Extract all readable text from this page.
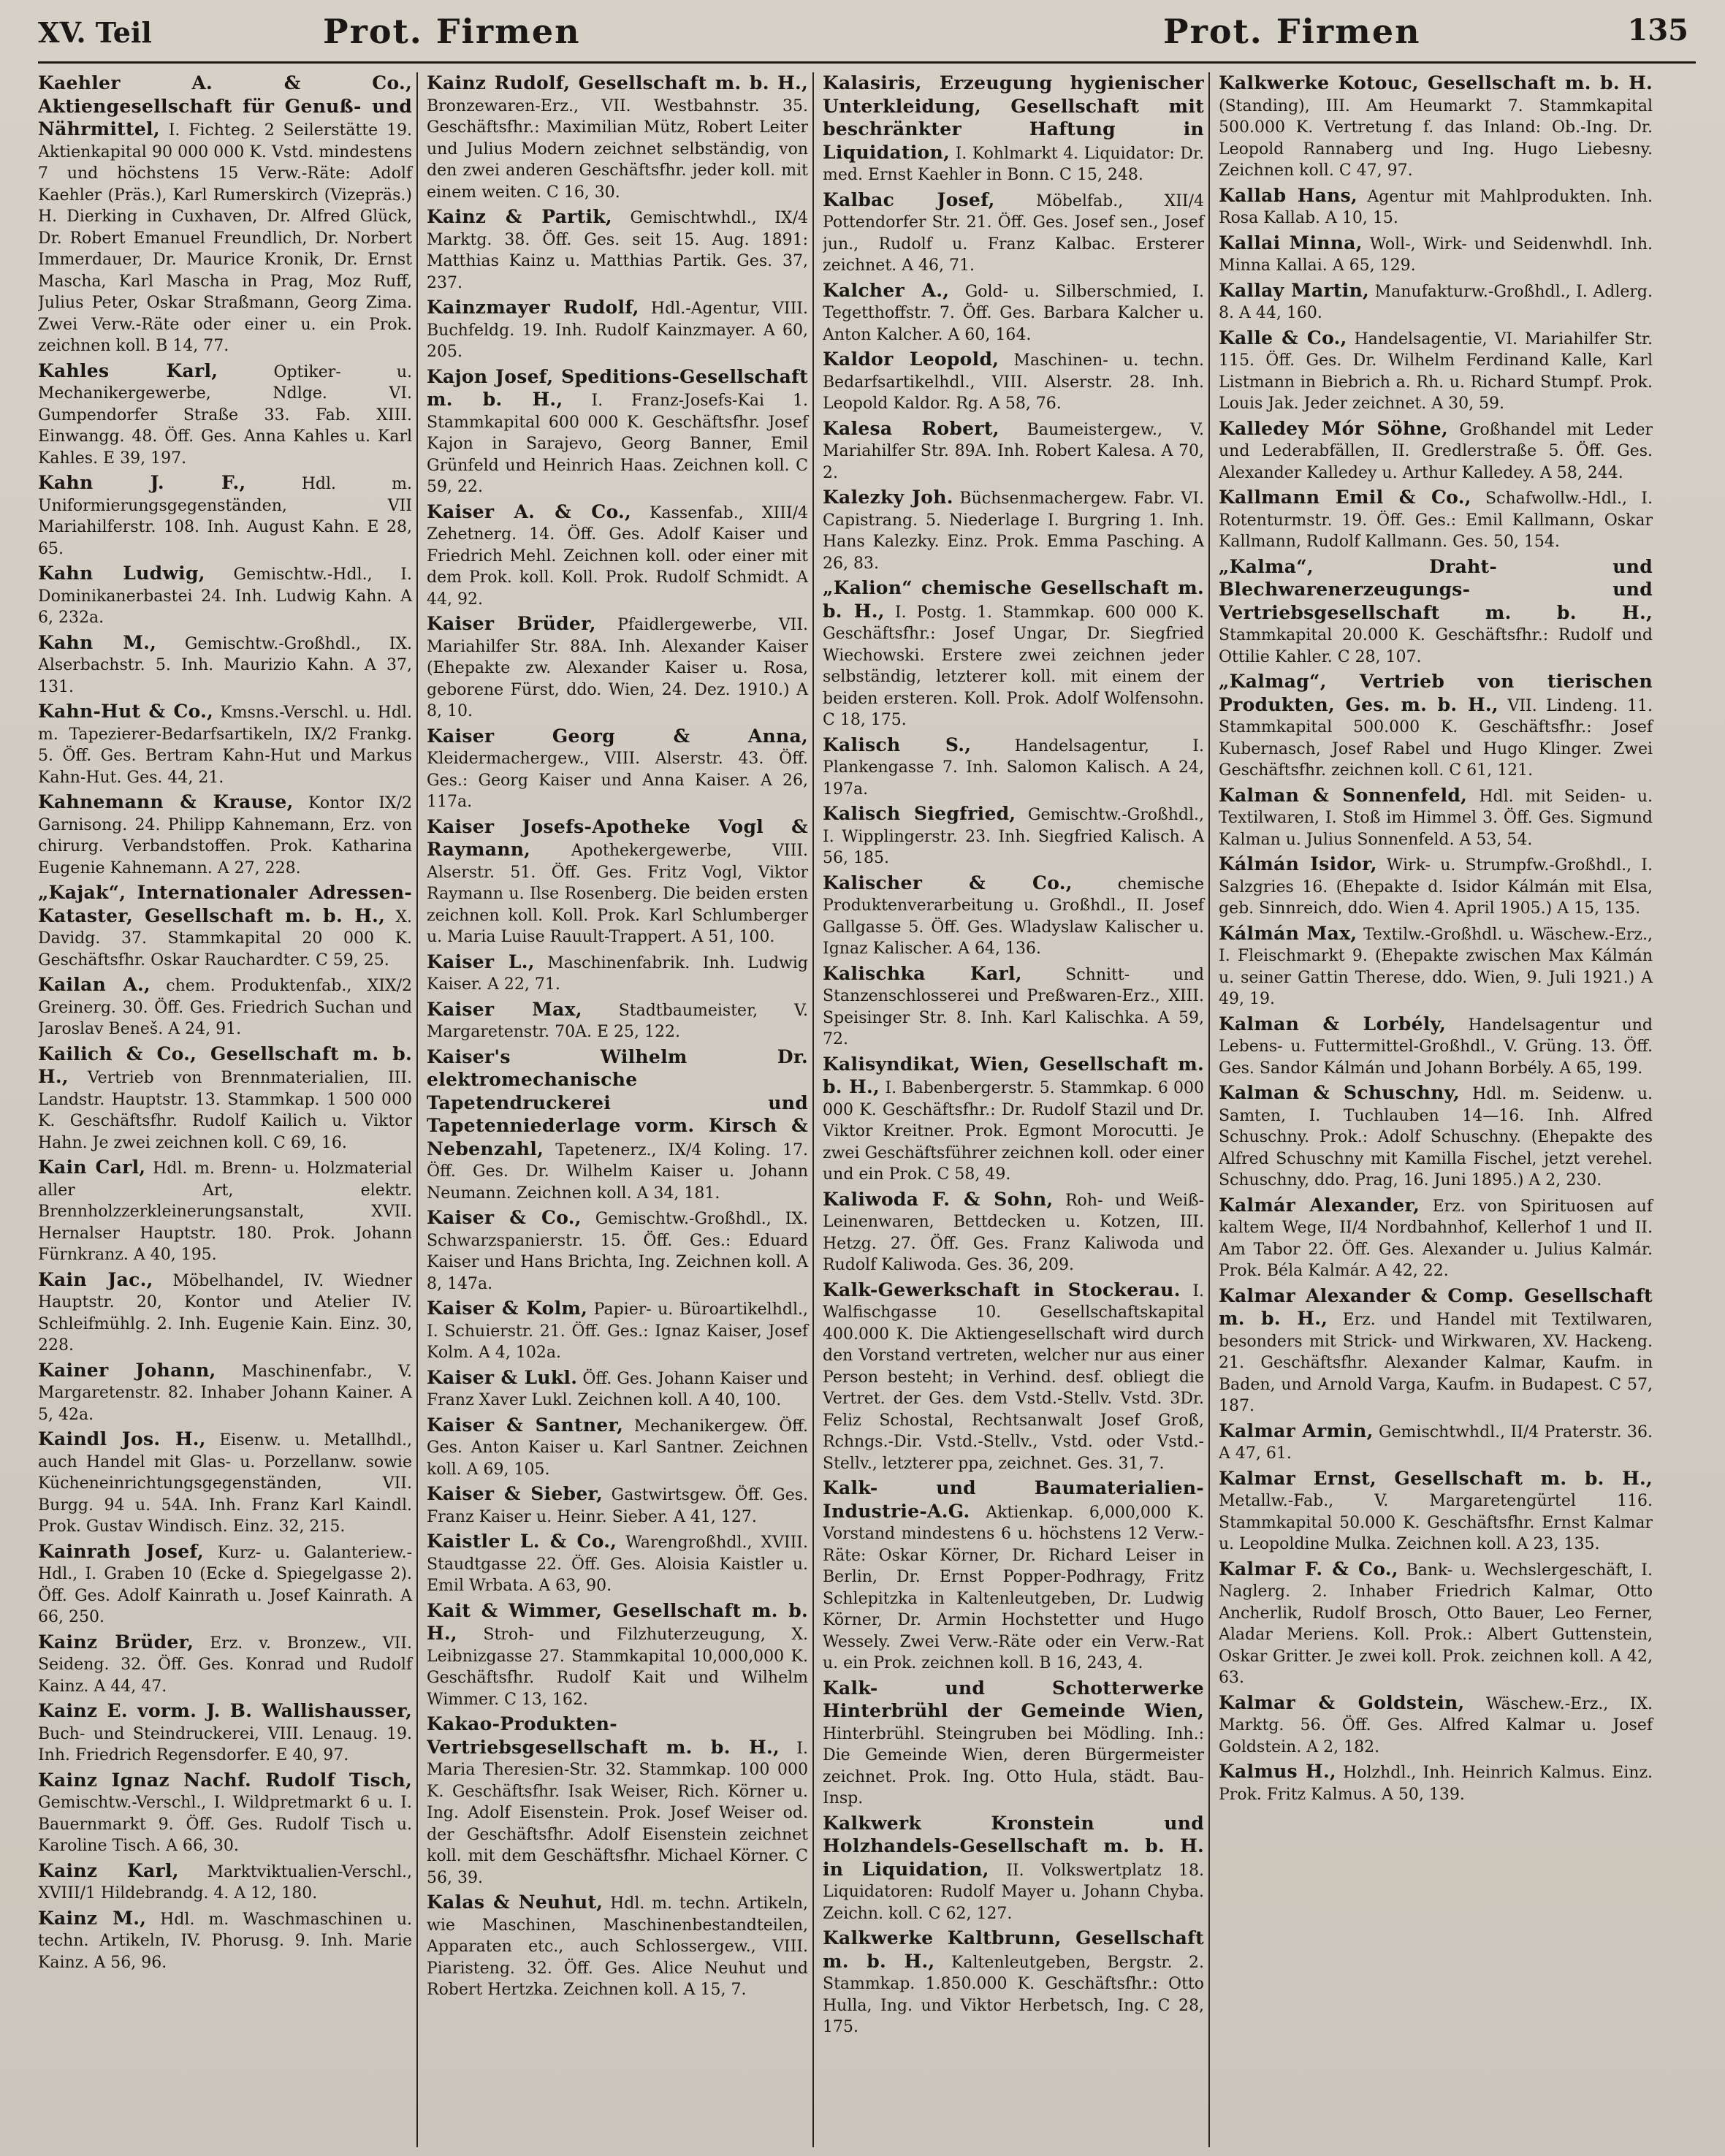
XV. Teil	Prot. Firmen	Prot. Firmen	135

Kaehler A. & Co., Aktiengesellschaft für Genuß- und Nährmittel, I. Fichteg. 2 Seilerstätte 19. Aktienkapital 90 000 000 K. Vstd. mindestens 7 und höchstens 15 Verw.-Räte: Adolf Kaehler (Präs.), Karl Rumerskirch (Vizepräs.) H. Dierking in Cuxhaven, Dr. Alfred Glück, Dr. Robert Emanuel Freundlich, Dr. Norbert Immerdauer, Dr. Maurice Kronik, Dr. Ernst Mascha, Karl Mascha in Prag, Moz Ruff, Julius Peter, Oskar Straßmann, Georg Zima. Zwei Verw.-Räte oder einer u. ein Prok. zeichnen koll. B 14, 77.

Kahles Karl,	Optiker- u. Mechanikergewerbe, Ndlge. VI. Gumpendorfer Straße 33. Fab. XIII. Einwangg. 48. Öff. Ges. Anna Kahles u. Karl Kahles. E 39, 197.

Kahn J. F.,	Hdl. m. Uniformierungsgegenständen, VII Mariahilferstr. 108. Inh. August Kahn. E 28, 65.

Kahn Ludwig, Gemischtw.-Hdl., I. Dominikanerbastei 24. Inh. Ludwig Kahn. A 6, 232a.

Kahn M., Gemischtw.-Großhdl., IX. Alserbachstr. 5. Inh. Maurizio Kahn. A 37, 131.

Kahn-Hut & Co., Kmsns.-Verschl. u. Hdl. m. Tapezierer-Bedarfsartikeln, IX/2 Frankg. 5. Öff. Ges. Bertram Kahn-Hut und Markus Kahn-Hut. Ges. 44, 21.

Kahnemann & Krause, Kontor IX/2 Garnisong. 24. Philipp Kahnemann, Erz. von chirurg. Verbandstoffen. Prok. Katharina Eugenie Kahnemann. A 27, 228.

„Kajak“, Internationaler Adressen-Kataster, Gesellschaft m. b. H., X. Davidg. 37. Stammkapital 20 000 K. Geschäftsfhr. Oskar Rauchardter. C 59, 25.

Kailan A., chem. Produktenfab., XIX/2 Greinerg. 30. Öff. Ges. Friedrich Suchan und Jaroslav Beneš. A 24, 91.

Kailich & Co., Gesellschaft m. b. H., Vertrieb von Brennmaterialien, III. Landstr. Hauptstr. 13. Stammkap. 1 500 000 K. Geschäftsfhr. Rudolf Kailich u. Viktor Hahn. Je zwei zeichnen koll. C 69, 16.

Kain Carl, Hdl. m. Brenn- u. Holzmaterial aller Art, elektr. Brennholzzerkleinerungsanstalt, XVII. Hernalser Hauptstr. 180. Prok. Johann Fürnkranz. A 40, 195.

Kain Jac., Möbelhandel, IV. Wiedner Hauptstr. 20, Kontor und Atelier IV. Schleifmühlg. 2. Inh. Eugenie Kain. Einz. 30, 228.

Kainer Johann, Maschinenfabr., V. Margaretenstr. 82. Inhaber Johann Kainer. A 5, 42a.

Kaindl Jos. H., Eisenw. u. Metallhdl., auch Handel mit Glas- u. Porzellanw. sowie Kücheneinrichtungsgegenständen, VII. Burgg. 94 u. 54A. Inh. Franz Karl Kaindl. Prok. Gustav Windisch. Einz. 32, 215.

Kainrath Josef, Kurz- u. Galanteriew.-Hdl., I. Graben 10 (Ecke d. Spiegelgasse 2). Öff. Ges. Adolf Kainrath u. Josef Kainrath. A 66, 250.

Kainz Brüder, Erz. v. Bronzew., VII. Seideng. 32. Öff. Ges. Konrad und Rudolf Kainz. A 44, 47.

Kainz E. vorm. J. B. Wallishausser, Buch- und Steindruckerei, VIII. Lenaug. 19. Inh. Friedrich Regensdorfer. E 40, 97.

Kainz Ignaz Nachf. Rudolf Tisch, Gemischtw.-Verschl., I. Wildpretmarkt 6 u. I. Bauernmarkt 9. Öff. Ges. Rudolf Tisch u. Karoline Tisch. A 66, 30.

Kainz Karl, Marktviktualien-Verschl., XVIII/1 Hildebrandg. 4. A 12, 180.

Kainz M., Hdl. m. Waschmaschinen u. techn. Artikeln, IV. Phorusg. 9. Inh. Marie Kainz. A 56, 96.

Kainz Rudolf, Gesellschaft m. b. H., Bronzewaren-Erz., VII. Westbahnstr. 35. Geschäftsfhr.: Maximilian Mütz, Robert Leiter und Julius Modern zeichnet selbständig, von den zwei anderen Geschäftsfhr. jeder koll. mit einem weiten. C 16, 30.

Kainz & Partik, Gemischtwhdl., IX/4 Marktg. 38. Öff. Ges. seit 15. Aug. 1891: Matthias Kainz u. Matthias Partik. Ges. 37, 237.

Kainzmayer Rudolf, Hdl.-Agentur, VIII. Buchfeldg. 19. Inh. Rudolf Kainzmayer. A 60, 205.

Kajon Josef, Speditions-Gesellschaft m. b. H., I. Franz-Josefs-Kai 1. Stammkapital 600 000 K. Geschäftsfhr. Josef Kajon in Sarajevo, Georg Banner, Emil Grünfeld und Heinrich Haas. Zeichnen koll. C 59, 22.

Kaiser A. & Co., Kassenfab., XIII/4 Zehetnerg. 14. Öff. Ges. Adolf Kaiser und Friedrich Mehl. Zeichnen koll. oder einer mit dem Prok. koll. Koll. Prok. Rudolf Schmidt. A 44, 92.

Kaiser Brüder, Pfaidlergewerbe, VII. Mariahilfer Str. 88A. Inh. Alexander Kaiser (Ehepakte zw. Alexander Kaiser u. Rosa, geborene Fürst, ddo. Wien, 24. Dez. 1910.) A 8, 10.

Kaiser Georg & Anna, Kleidermachergew., VIII. Alserstr. 43. Öff. Ges.: Georg Kaiser und Anna Kaiser. A 26, 117a.

Kaiser Josefs-Apotheke Vogl & Raymann,	Apothekergewerbe, VIII. Alserstr. 51. Öff. Ges. Fritz Vogl, Viktor Raymann u. Ilse Rosenberg. Die beiden ersten zeichnen koll. Koll. Prok. Karl Schlumberger u. Maria Luise Rauult-Trappert. A 51, 100.

Kaiser L., Maschinenfabrik. Inh. Ludwig Kaiser. A 22, 71.

Kaiser Max, Stadtbaumeister, V. Margaretenstr. 70A. E 25, 122.

Kaiser's Wilhelm Dr. elektromechanische Tapetendruckerei und Tapetenniederlage vorm. Kirsch & Nebenzahl, Tapetenerz., IX/4 Koling. 17. Öff. Ges. Dr. Wilhelm Kaiser u. Johann Neumann. Zeichnen koll. A 34, 181.

Kaiser & Co., Gemischtw.-Großhdl., IX. Schwarzspanierstr. 15. Öff. Ges.: Eduard Kaiser und Hans Brichta, Ing. Zeichnen koll. A 8, 147a.

Kaiser & Kolm, Papier- u. Büroartikelhdl., I. Schuierstr. 21. Öff. Ges.: Ignaz Kaiser, Josef Kolm. A 4, 102a.

Kaiser & Lukl. Öff. Ges. Johann Kaiser und Franz Xaver Lukl. Zeichnen koll. A 40, 100.

Kaiser & Santner, Mechanikergew. Öff. Ges. Anton Kaiser u. Karl Santner. Zeichnen koll. A 69, 105.

Kaiser & Sieber, Gastwirtsgew. Öff. Ges. Franz Kaiser u. Heinr. Sieber. A 41, 127.

Kaistler L. & Co., Warengroßhdl., XVIII. Staudtgasse 22. Öff. Ges. Aloisia Kaistler u. Emil Wrbata. A 63, 90.

Kait & Wimmer, Gesellschaft m. b. H., Stroh- und Filzhuterzeugung, X. Leibnizgasse 27. Stammkapital 10,000,000 K. Geschäftsfhr. Rudolf Kait und Wilhelm Wimmer. C 13, 162.

Kakao-Produkten-Vertriebsgesellschaft m. b. H., I. Maria Theresien-Str. 32. Stammkap. 100 000 K. Geschäftsfhr. Isak Weiser, Rich. Körner u. Ing. Adolf Eisenstein. Prok. Josef Weiser od. der Geschäftsfhr. Adolf Eisenstein zeichnet koll. mit dem Geschäftsfhr. Michael Körner. C 56, 39.

Kalas & Neuhut, Hdl. m. techn. Artikeln, wie Maschinen, Maschinenbestandteilen, Apparaten etc., auch Schlossergew., VIII. Piaristeng. 32. Öff. Ges. Alice Neuhut und Robert Hertzka. Zeichnen koll. A 15, 7.

Kalasiris, Erzeugung hygienischer Unterkleidung, Gesellschaft mit beschränkter Haftung in Liquidation, I. Kohlmarkt 4. Liquidator: Dr. med. Ernst Kaehler in Bonn. C 15, 248.

Kalbac Josef,	Möbelfab., XII/4 Pottendorfer Str. 21. Öff. Ges. Josef sen., Josef jun., Rudolf u. Franz Kalbac. Ersterer zeichnet. A 46, 71.

Kalcher A., Gold- u. Silberschmied, I. Tegetthoffstr. 7. Öff. Ges. Barbara Kalcher u. Anton Kalcher. A 60, 164.

Kaldor Leopold, Maschinen- u. techn. Bedarfsartikelhdl., VIII. Alserstr. 28. Inh. Leopold Kaldor. Rg. A 58, 76.

Kalesa Robert, Baumeistergew., V. Mariahilfer Str. 89A. Inh. Robert Kalesa. A 70, 2.

Kalezky Joh. Büchsenmachergew. Fabr. VI. Capistrang. 5. Niederlage I. Burgring 1. Inh. Hans Kalezky. Einz. Prok. Emma Pasching. A 26, 83.

„Kalion“ chemische Gesellschaft m. b. H., I. Postg. 1. Stammkap. 600 000 K. Geschäftsfhr.: Josef Ungar, Dr. Siegfried Wiechowski. Erstere zwei zeichnen jeder selbständig, letzterer koll. mit einem der beiden ersteren. Koll. Prok. Adolf Wolfensohn. C 18, 175.

Kalisch S.,	Handelsagentur, I. Plankengasse 7. Inh. Salomon Kalisch. A 24, 197a.

Kalisch Siegfried, Gemischtw.-Großhdl., I. Wipplingerstr. 23. Inh. Siegfried Kalisch. A 56, 185.

Kalischer & Co.,	chemische Produktenverarbeitung u. Großhdl., II. Josef Gallgasse 5. Öff. Ges. Wladyslaw Kalischer u. Ignaz Kalischer. A 64, 136.

Kalischka Karl,	Schnitt- und Stanzenschlosserei und Preßwaren-Erz., XIII. Speisinger Str. 8. Inh. Karl Kalischka. A 59, 72.

Kalisyndikat, Wien, Gesellschaft m. b. H., I. Babenbergerstr. 5. Stammkap. 6 000 000 K. Geschäftsfhr.: Dr. Rudolf Stazil und Dr. Viktor Kreitner. Prok. Egmont Morocutti. Je zwei Geschäftsführer zeichnen koll. oder einer und ein Prok. C 58, 49.

Kaliwoda F. & Sohn, Roh- und Weiß-Leinenwaren, Bettdecken u. Kotzen, III. Hetzg. 27. Öff. Ges. Franz Kaliwoda und Rudolf Kaliwoda. Ges. 36, 209.

Kalk-Gewerkschaft in Stockerau. I. Walfischgasse 10. Gesellschaftskapital 400.000 K. Die Aktiengesellschaft wird durch den Vorstand vertreten, welcher nur aus einer Person besteht; in Verhind. desf. obliegt die Vertret. der Ges. dem Vstd.-Stellv. Vstd. 3Dr. Feliz Schostal, Rechtsanwalt Josef Groß, Rchngs.-Dir. Vstd.-Stellv., Vstd. oder Vstd.-Stellv., letzterer ppa, zeichnet. Ges. 31, 7.

Kalk- und Baumaterialien-Industrie-A.G. Aktienkap. 6,000,000 K. Vorstand mindestens 6 u. höchstens 12 Verw.-Räte: Oskar Körner, Dr. Richard Leiser in Berlin, Dr. Ernst Popper-Podhragy, Fritz Schlepitzka in Kaltenleutgeben, Dr. Ludwig Körner, Dr. Armin Hochstetter und Hugo Wessely. Zwei Verw.-Räte oder ein Verw.-Rat u. ein Prok. zeichnen koll. B 16, 243, 4.

Kalk- und Schotterwerke Hinterbrühl der Gemeinde Wien, Hinterbrühl. Steingruben bei Mödling. Inh.: Die Gemeinde Wien, deren Bürgermeister zeichnet. Prok. Ing. Otto Hula, städt. Bau-Insp.

Kalkwerk Kronstein und Holzhandels-Gesellschaft m. b. H. in Liquidation, II. Volkswertplatz 18. Liquidatoren: Rudolf Mayer u. Johann Chyba. Zeichn. koll. C 62, 127.

Kalkwerke Kaltbrunn, Gesellschaft m. b. H., Kaltenleutgeben, Bergstr. 2. Stammkap. 1.850.000 K. Geschäftsfhr.: Otto Hulla, Ing. und Viktor Herbetsch, Ing. C 28, 175.

Kalkwerke Kotouc, Gesellschaft m. b. H. (Standing), III. Am Heumarkt 7. Stammkapital 500.000 K. Vertretung f. das Inland: Ob.-Ing. Dr. Leopold Rannaberg und Ing. Hugo Liebesny. Zeichnen koll. C 47, 97.

Kallab Hans, Agentur mit Mahlprodukten. Inh. Rosa Kallab. A 10, 15.

Kallai Minna, Woll-, Wirk- und Seidenwhdl. Inh. Minna Kallai. A 65, 129.

Kallay Martin, Manufakturw.-Großhdl., I. Adlerg. 8. A 44, 160.

Kalle & Co., Handelsagentie, VI. Mariahilfer Str. 115. Öff. Ges. Dr. Wilhelm Ferdinand Kalle, Karl Listmann in Biebrich a. Rh. u. Richard Stumpf. Prok. Louis Jak. Jeder zeichnet. A 30, 59.

Kalledey Mór Söhne, Großhandel mit Leder und Lederabfällen, II. Gredlerstraße 5. Öff. Ges. Alexander Kalledey u. Arthur Kalledey. A 58, 244.

Kallmann Emil & Co., Schafwollw.-Hdl., I. Rotenturmstr. 19. Öff. Ges.: Emil Kallmann, Oskar Kallmann, Rudolf Kallmann. Ges. 50, 154.

„Kalma“, Draht- und Blechwarenerzeugungs- und Vertriebsgesellschaft m. b. H., Stammkapital 20.000 K. Geschäftsfhr.: Rudolf und Ottilie Kahler. C 28, 107.

„Kalmag“, Vertrieb von tierischen Produkten, Ges. m. b. H., VII. Lindeng. 11. Stammkapital 500.000 K. Geschäftsfhr.: Josef Kubernasch, Josef Rabel und Hugo Klinger. Zwei Geschäftsfhr. zeichnen koll. C 61, 121.

Kalman & Sonnenfeld, Hdl. mit Seiden- u. Textilwaren, I. Stoß im Himmel 3. Öff. Ges. Sigmund Kalman u. Julius Sonnenfeld. A 53, 54.

Kálmán Isidor, Wirk- u. Strumpfw.-Großhdl., I. Salzgries 16. (Ehepakte d. Isidor Kálmán mit Elsa, geb. Sinnreich, ddo. Wien 4. April 1905.) A 15, 135.

Kálmán Max, Textilw.-Großhdl. u. Wäschew.-Erz., I. Fleischmarkt 9. (Ehepakte zwischen Max Kálmán u. seiner Gattin Therese, ddo. Wien, 9. Juli 1921.) A 49, 19.

Kalman & Lorbély, Handelsagentur und Lebens- u. Futtermittel-Großhdl., V. Grüng. 13. Öff. Ges. Sandor Kálmán und Johann Borbély. A 65, 199.

Kalman & Schuschny, Hdl. m. Seidenw. u. Samten, I. Tuchlauben 14—16. Inh. Alfred Schuschny. Prok.: Adolf Schuschny. (Ehepakte des Alfred Schuschny mit Kamilla Fischel, jetzt verehel. Schuschny, ddo. Prag, 16. Juni 1895.) A 2, 230.

Kalmár Alexander, Erz. von Spirituosen auf kaltem Wege, II/4 Nordbahnhof, Kellerhof 1 und II. Am Tabor 22. Öff. Ges. Alexander u. Julius Kalmár. Prok. Béla Kalmár. A 42, 22.

Kalmar Alexander & Comp. Gesellschaft m. b. H., Erz. und Handel mit Textilwaren, besonders mit Strick- und Wirkwaren, XV. Hackeng. 21. Geschäftsfhr. Alexander Kalmar, Kaufm. in Baden, und Arnold Varga, Kaufm. in Budapest. C 57, 187.

Kalmar Armin, Gemischtwhdl., II/4 Praterstr. 36. A 47, 61.

Kalmar Ernst, Gesellschaft m. b. H., Metallw.-Fab., V. Margaretengürtel 116. Stammkapital 50.000 K. Geschäftsfhr. Ernst Kalmar u. Leopoldine Mulka. Zeichnen koll. A 23, 135.

Kalmar F. & Co., Bank- u. Wechslergeschäft, I. Naglerg. 2. Inhaber Friedrich Kalmar, Otto Ancherlik, Rudolf Brosch, Otto Bauer, Leo Ferner, Aladar Meriens. Koll. Prok.: Albert Guttenstein, Oskar Gritter. Je zwei koll. Prok. zeichnen koll. A 42, 63.

Kalmar & Goldstein, Wäschew.-Erz., IX. Marktg. 56. Öff. Ges. Alfred Kalmar u. Josef Goldstein. A 2, 182.

Kalmus H., Holzhdl., Inh. Heinrich Kalmus. Einz. Prok. Fritz Kalmus. A 50, 139.
